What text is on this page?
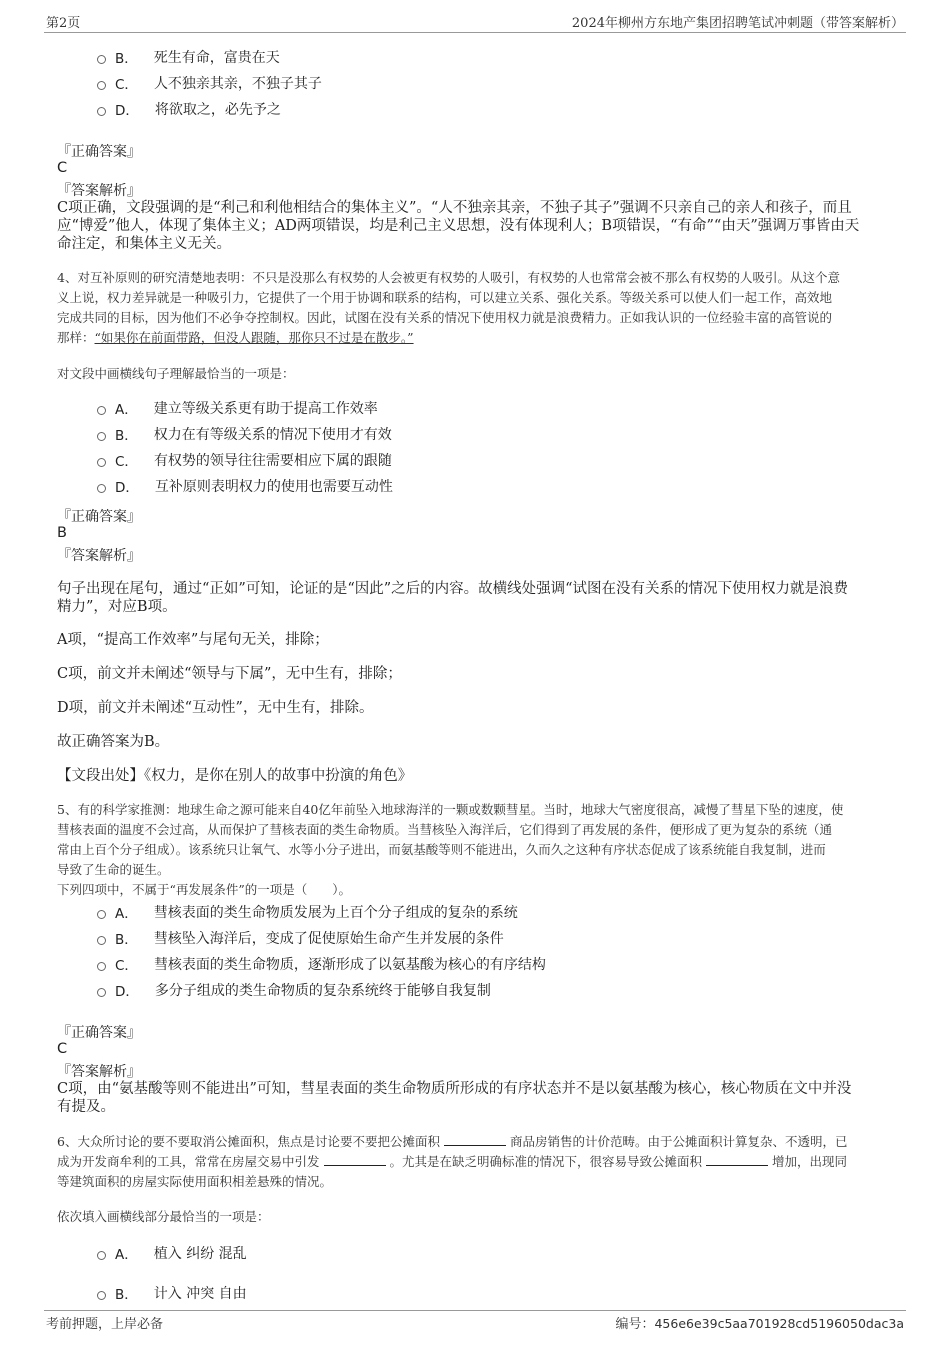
第2页	2024年柳州方东地产集团招聘笔试冲刺题（带答案解析）
B． 死生有命，富贵在天
C． 人不独亲其亲，不独子其子
D． 将欲取之，必先予之
『正确答案』
C
『答案解析』
C项正确，文段强调的是“利己和利他相结合的集体主义”。“人不独亲其亲，不独子其子”强调不只亲自己的亲人和孩子，而且
应“博爱”他人，体现了集体主义；AD两项错误，均是利己主义思想，没有体现利人；B项错误，“有命”“由天”强调万事皆由天
命注定，和集体主义无关。
4、对互补原则的研究清楚地表明：不只是没那么有权势的人会被更有权势的人吸引，有权势的人也常常会被不那么有权势的人吸引。从这个意
义上说，权力差异就是一种吸引力，它提供了一个用于协调和联系的结构，可以建立关系、强化关系。等级关系可以使人们一起工作，高效地
完成共同的目标，因为他们不必争夺控制权。因此，试图在没有关系的情况下使用权力就是浪费精力。正如我认识的一位经验丰富的高管说的
那样：“如果你在前面带路，但没人跟随，那你只不过是在散步。”
对文段中画横线句子理解最恰当的一项是：
A． 建立等级关系更有助于提高工作效率
B． 权力在有等级关系的情况下使用才有效
C． 有权势的领导往往需要相应下属的跟随
D． 互补原则表明权力的使用也需要互动性
『正确答案』
B
『答案解析』
句子出现在尾句，通过“正如”可知，论证的是“因此”之后的内容。故横线处强调“试图在没有关系的情况下使用权力就是浪费
精力”，对应B项。
A项，“提高工作效率”与尾句无关，排除；
C项，前文并未阐述“领导与下属”，无中生有，排除；
D项，前文并未阐述“互动性”，无中生有，排除。
故正确答案为B。
【文段出处】《权力，是你在别人的故事中扮演的角色》
5、有的科学家推测：地球生命之源可能来自40亿年前坠入地球海洋的一颗或数颗彗星。当时，地球大气密度很高，减慢了彗星下坠的速度，使
彗核表面的温度不会过高，从而保护了彗核表面的类生命物质。当彗核坠入海洋后，它们得到了再发展的条件，便形成了更为复杂的系统（通
常由上百个分子组成）。该系统只让氧气、水等小分子进出，而氨基酸等则不能进出，久而久之这种有序状态促成了该系统能自我复制，进而
导致了生命的诞生。
下列四项中，不属于“再发展条件”的一项是（　　）。
A． 彗核表面的类生命物质发展为上百个分子组成的复杂的系统
B． 彗核坠入海洋后，变成了促使原始生命产生并发展的条件
C． 彗核表面的类生命物质，逐渐形成了以氨基酸为核心的有序结构
D． 多分子组成的类生命物质的复杂系统终于能够自我复制
『正确答案』
C
『答案解析』
C项，由“氨基酸等则不能进出”可知，彗星表面的类生命物质所形成的有序状态并不是以氨基酸为核心，核心物质在文中并没
有提及。
6、大众所讨论的要不要取消公摊面积，焦点是讨论要不要把公摊面积	商品房销售的计价范畴。由于公摊面积计算复杂、不透明，已
成为开发商牟利的工具，常常在房屋交易中引发	。尤其是在缺乏明确标准的情况下，很容易导致公摊面积	增加，出现同
等建筑面积的房屋实际使用面积相差悬殊的情况。
依次填入画横线部分最恰当的一项是：
A． 植入 纠纷 混乱
B． 计入 冲突 自由
考前押题，上岸必备	编号：456e6e39c5aa701928cd5196050dac3a
